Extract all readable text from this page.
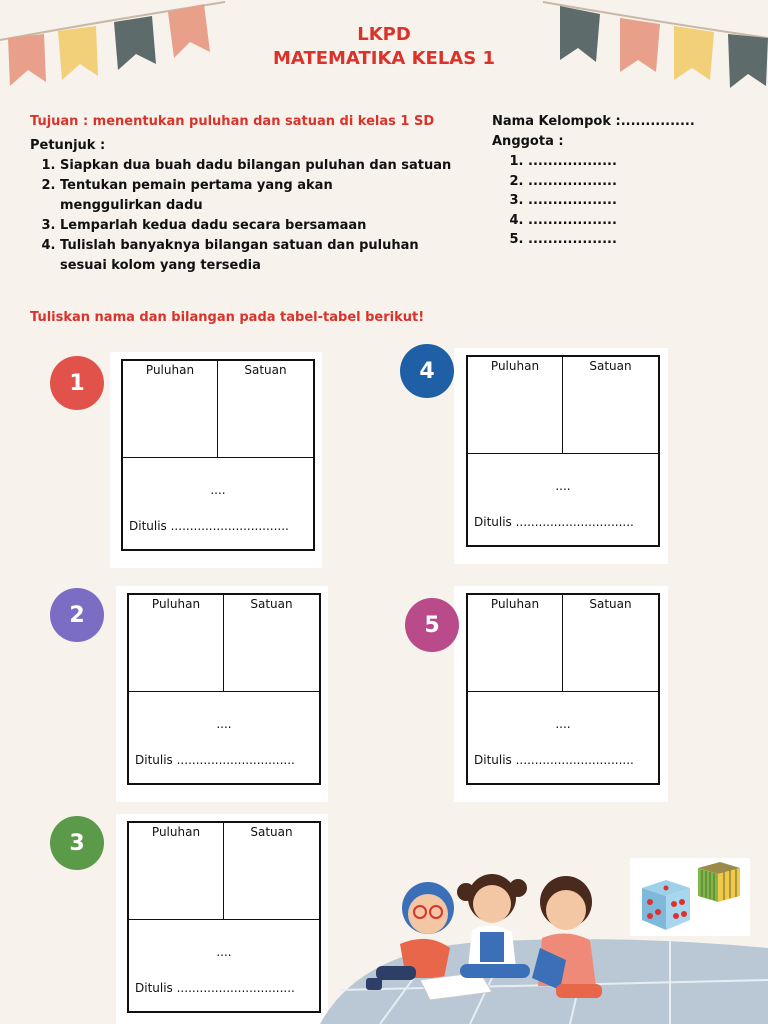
LKPD
MATEMATIKA KELAS 1
Tujuan : menentukan puluhan dan satuan di kelas 1 SD
Petunjuk :
1. Siapkan dua buah dadu bilangan puluhan dan satuan
2. Tentukan pemain pertama yang akan menggulirkan dadu
3. Lemparlah kedua dadu secara bersamaan
4. Tulislah banyaknya bilangan satuan dan puluhan sesuai kolom yang tersedia
Nama Kelompok :...............
Anggota :
1. ..................
2. ..................
3. ..................
4. ..................
5. ..................
Tuliskan nama dan bilangan pada tabel-tabel berikut!
1
Puluhan	Satuan
....
Ditulis ...............................
4	Puluhan	Satuan
....
Ditulis ...............................
2	Puluhan	Satuan
....
Ditulis ...............................
5
Puluhan	Satuan
....
Ditulis ...............................
3	Puluhan	Satuan
....
Ditulis ...............................
